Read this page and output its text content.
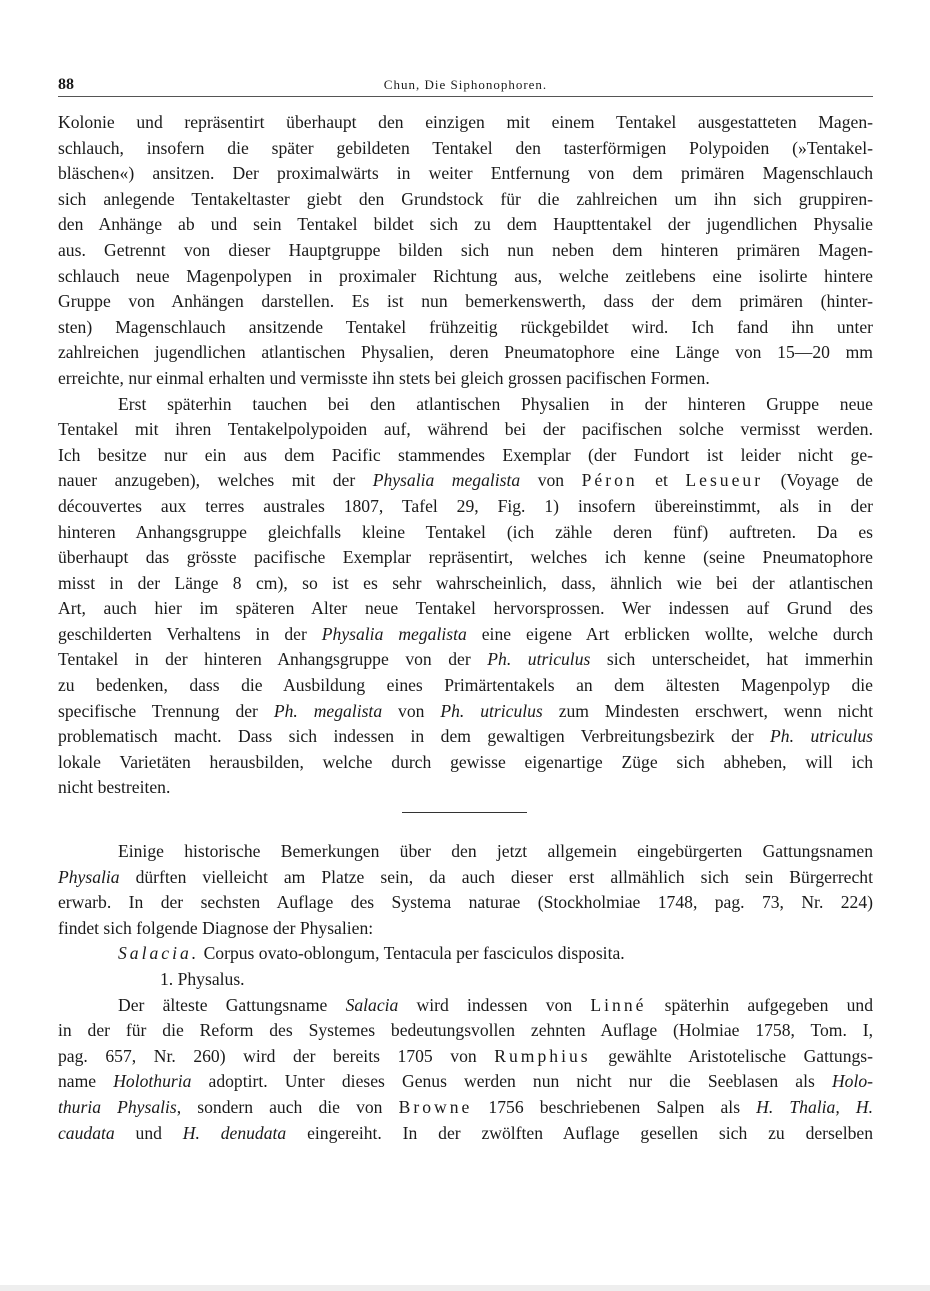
88	Chun, Die Siphonophoren.
Kolonie und repräsentirt überhaupt den einzigen mit einem Tentakel ausgestatteten Magen-
schlauch, insofern die später gebildeten Tentakel den tasterförmigen Polypoiden (»Tentakel-
bläschen«) ansitzen. Der proximalwärts in weiter Entfernung von dem primären Magenschlauch
sich anlegende Tentakeltaster giebt den Grundstock für die zahlreichen um ihn sich gruppiren-
den Anhänge ab und sein Tentakel bildet sich zu dem Haupttentakel der jugendlichen Physalie
aus. Getrennt von dieser Hauptgruppe bilden sich nun neben dem hinteren primären Magen-
schlauch neue Magenpolypen in proximaler Richtung aus, welche zeitlebens eine isolirte hintere
Gruppe von Anhängen darstellen. Es ist nun bemerkenswerth, dass der dem primären (hinter-
sten) Magenschlauch ansitzende Tentakel frühzeitig rückgebildet wird. Ich fand ihn unter
zahlreichen jugendlichen atlantischen Physalien, deren Pneumatophore eine Länge von 15—20 mm
erreichte, nur einmal erhalten und vermisste ihn stets bei gleich grossen pacifischen Formen.
Erst späterhin tauchen bei den atlantischen Physalien in der hinteren Gruppe neue
Tentakel mit ihren Tentakelpolypoiden auf, während bei der pacifischen solche vermisst werden.
Ich besitze nur ein aus dem Pacific stammendes Exemplar (der Fundort ist leider nicht ge-
nauer anzugeben), welches mit der Physalia megalista von Péron et Lesueur (Voyage de
découvertes aux terres australes 1807, Tafel 29, Fig. 1) insofern übereinstimmt, als in der
hinteren Anhangsgruppe gleichfalls kleine Tentakel (ich zähle deren fünf) auftreten. Da es
überhaupt das grösste pacifische Exemplar repräsentirt, welches ich kenne (seine Pneumatophore
misst in der Länge 8 cm), so ist es sehr wahrscheinlich, dass, ähnlich wie bei der atlantischen
Art, auch hier im späteren Alter neue Tentakel hervorsprossen. Wer indessen auf Grund des
geschilderten Verhaltens in der Physalia megalista eine eigene Art erblicken wollte, welche durch
Tentakel in der hinteren Anhangsgruppe von der Ph. utriculus sich unterscheidet, hat immerhin
zu bedenken, dass die Ausbildung eines Primärtentakels an dem ältesten Magenpolyp die
specifische Trennung der Ph. megalista von Ph. utriculus zum Mindesten erschwert, wenn nicht
problematisch macht. Dass sich indessen in dem gewaltigen Verbreitungsbezirk der Ph. utriculus
lokale Varietäten herausbilden, welche durch gewisse eigenartige Züge sich abheben, will ich
nicht bestreiten.
Einige historische Bemerkungen über den jetzt allgemein eingebürgerten Gattungsnamen
Physalia dürften vielleicht am Platze sein, da auch dieser erst allmählich sich sein Bürgerrecht
erwarb. In der sechsten Auflage des Systema naturae (Stockholmiae 1748, pag. 73, Nr. 224)
findet sich folgende Diagnose der Physalien:
Salacia. Corpus ovato-oblongum, Tentacula per fasciculos disposita.
1. Physalus.
Der älteste Gattungsname Salacia wird indessen von Linné späterhin aufgegeben und
in der für die Reform des Systemes bedeutungsvollen zehnten Auflage (Holmiae 1758, Tom. I,
pag. 657, Nr. 260) wird der bereits 1705 von Rumphius gewählte Aristotelische Gattungs-
name Holothuria adoptirt. Unter dieses Genus werden nun nicht nur die Seeblasen als Holo-
thuria Physalis, sondern auch die von Browne 1756 beschriebenen Salpen als H. Thalia, H.
caudata und H. denudata eingereiht. In der zwölften Auflage gesellen sich zu derselben
